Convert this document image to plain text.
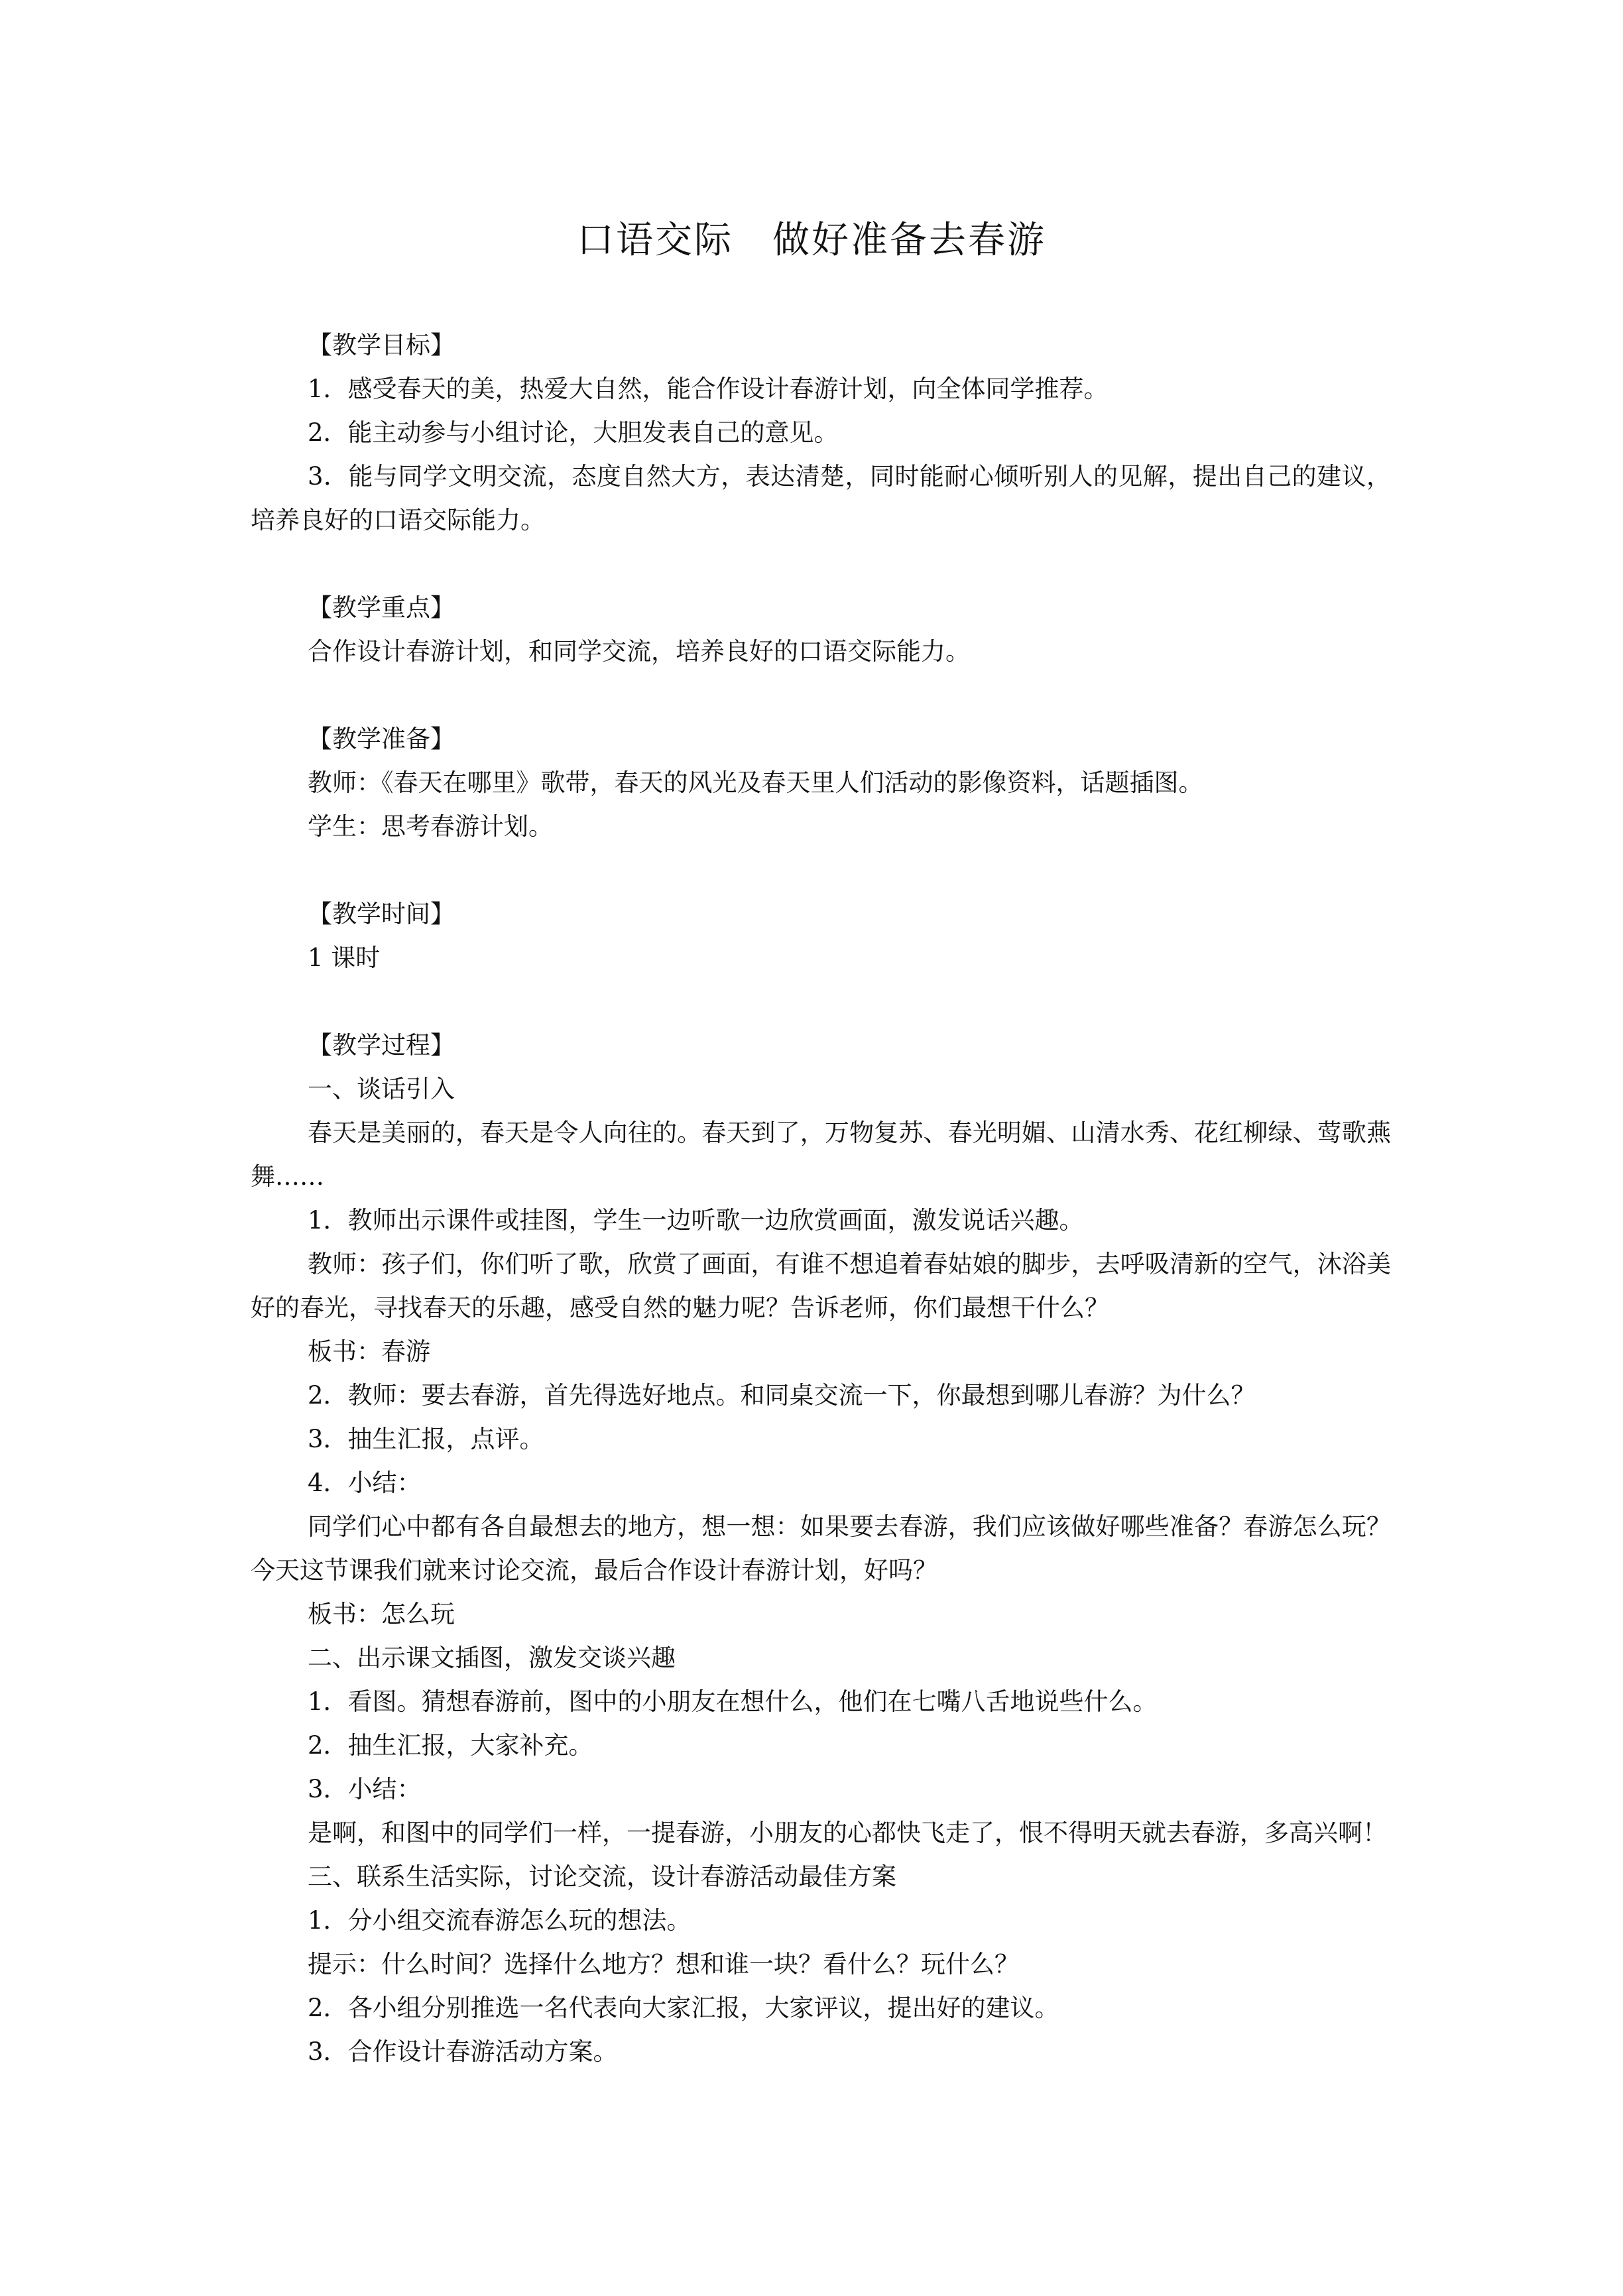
口语交际　做好准备去春游

【教学目标】

1．感受春天的美，热爱大自然，能合作设计春游计划，向全体同学推荐。

2．能主动参与小组讨论，大胆发表自己的意见。

3．能与同学文明交流，态度自然大方，表达清楚，同时能耐心倾听别人的见解，提出自己的建议，培养良好的口语交际能力。

【教学重点】

合作设计春游计划，和同学交流，培养良好的口语交际能力。

【教学准备】

教师：《春天在哪里》歌带，春天的风光及春天里人们活动的影像资料，话题插图。

学生：思考春游计划。

【教学时间】

1 课时

【教学过程】

一、谈话引入

春天是美丽的，春天是令人向往的。春天到了，万物复苏、春光明媚、山清水秀、花红柳绿、莺歌燕舞……

1．教师出示课件或挂图，学生一边听歌一边欣赏画面，激发说话兴趣。

教师：孩子们，你们听了歌，欣赏了画面，有谁不想追着春姑娘的脚步，去呼吸清新的空气，沐浴美好的春光，寻找春天的乐趣，感受自然的魅力呢？告诉老师，你们最想干什么？

板书：春游

2．教师：要去春游，首先得选好地点。和同桌交流一下，你最想到哪儿春游？为什么？

3．抽生汇报，点评。

4．小结：

同学们心中都有各自最想去的地方，想一想：如果要去春游，我们应该做好哪些准备？春游怎么玩？今天这节课我们就来讨论交流，最后合作设计春游计划，好吗？

板书：怎么玩

二、出示课文插图，激发交谈兴趣

1．看图。猜想春游前，图中的小朋友在想什么，他们在七嘴八舌地说些什么。

2．抽生汇报，大家补充。

3．小结：

是啊，和图中的同学们一样，一提春游，小朋友的心都快飞走了，恨不得明天就去春游，多高兴啊！

三、联系生活实际，讨论交流，设计春游活动最佳方案

1．分小组交流春游怎么玩的想法。

提示：什么时间？选择什么地方？想和谁一块？看什么？玩什么？

2．各小组分别推选一名代表向大家汇报，大家评议，提出好的建议。

3．合作设计春游活动方案。
